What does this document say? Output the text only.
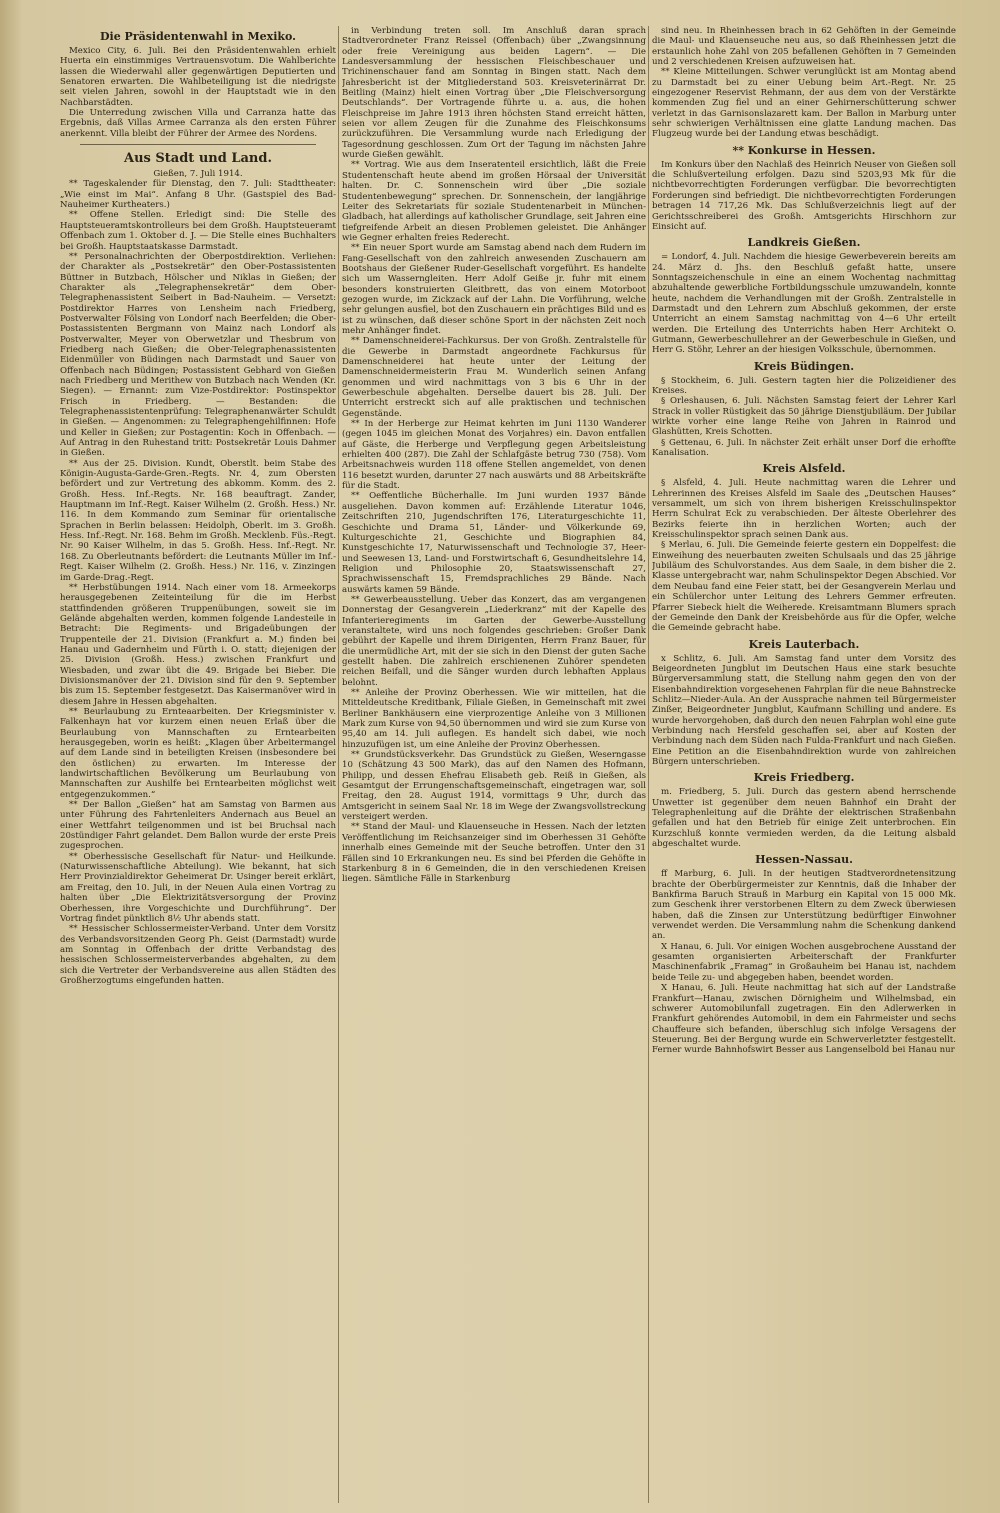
Die Präsidentenwahl in Mexiko.

Mexico City, 6. Juli. Bei den Präsidentenwahlen erhielt Huerta ein einstimmiges Vertrauensvotum. Die Wahlberichte lassen die Wiederwahl aller gegenwärtigen Deputierten und Senatoren erwarten. Die Wahlbeteiligung ist die niedrigste seit vielen Jahren, sowohl in der Hauptstadt wie in den Nachbarstädten.

Die Unterredung zwischen Villa und Carranza hatte das Ergebnis, daß Villas Armee Carranza als den ersten Führer anerkennt. Villa bleibt der Führer der Armee des Nordens.

Aus Stadt und Land.
Gießen, 7. Juli 1914.

** Tageskalender für Dienstag, den 7. Juli: Stadttheater: „Wie einst im Mai“. Anfang 8 Uhr. (Gastspiel des Bad-Nauheimer Kurtheaters.)

** Offene Stellen. Erledigt sind: Die Stelle des Hauptsteueramtskontrolleurs bei dem Großh. Hauptsteueramt Offenbach zum 1. Oktober d. J. — Die Stelle eines Buchhalters bei Großh. Hauptstaatskasse Darmstadt.

** Personalnachrichten der Oberpostdirektion. Verliehen: der Charakter als „Postsekretär“ den Ober-Postassistenten Büttner in Butzbach, Hölscher und Niklas in Gießen; der Charakter als „Telegraphensekretär“ dem Ober-Telegraphenassistent Seibert in Bad-Nauheim. — Versetzt: Postdirektor Harres von Lensheim nach Friedberg, Postverwalter Fölsing von Londorf nach Beerfelden; die Ober-Postassistenten Bergmann von Mainz nach Londorf als Postverwalter, Meyer von Oberwetzlar und Thesbrum von Friedberg nach Gießen; die Ober-Telegraphenassistenten Eidenmüller von Büdingen nach Darmstadt und Sauer von Offenbach nach Büdingen; Postassistent Gebhard von Gießen nach Friedberg und Merithew von Butzbach nach Wenden (Kr. Siegen). — Ernannt: zum Vize-Postdirektor: Postinspektor Frisch in Friedberg. — Bestanden: die Telegraphenassistentenprüfung: Telegraphenanwärter Schuldt in Gießen. — Angenommen: zu Telegraphengehilfinnen: Hofe und Keller in Gießen; zur Postagentin: Koch in Offenbach. — Auf Antrag in den Ruhestand tritt: Postsekretär Louis Dahmer in Gießen.

** Aus der 25. Division. Kundt, Oberstlt. beim Stabe des Königin-Augusta-Garde-Gren.-Regts. Nr. 4, zum Obersten befördert und zur Vertretung des abkomm. Komm. des 2. Großh. Hess. Inf.-Regts. Nr. 168 beauftragt. Zander, Hauptmann im Inf.-Regt. Kaiser Wilhelm (2. Großh. Hess.) Nr. 116. In dem Kommando zum Seminar für orientalische Sprachen in Berlin belassen: Heidolph, Oberlt. im 3. Großh. Hess. Inf.-Regt. Nr. 168. Behm im Großh. Mecklenb. Füs.-Regt. Nr. 90 Kaiser Wilhelm, in das 5. Großh. Hess. Inf.-Regt. Nr. 168. Zu Oberleutnants befördert: die Leutnants Müller im Inf.-Regt. Kaiser Wilhelm (2. Großh. Hess.) Nr. 116, v. Zinzingen im Garde-Drag.-Regt.

** Herbstübungen 1914. Nach einer vom 18. Armeekorps herausgegebenen Zeiteinteilung für die im Herbst stattfindenden größeren Truppenübungen, soweit sie im Gelände abgehalten werden, kommen folgende Landesteile in Betracht: Die Regiments- und Brigadeübungen der Truppenteile der 21. Division (Frankfurt a. M.) finden bei Hanau und Gadernheim und Fürth i. O. statt; diejenigen der 25. Division (Großh. Hess.) zwischen Frankfurt und Wiesbaden, und zwar übt die 49. Brigade bei Bieber. Die Divisionsmanöver der 21. Division sind für den 9. September bis zum 15. September festgesetzt. Das Kaisermanöver wird in diesem Jahre in Hessen abgehalten.

** Beurlaubung zu Ernteaarbeiten. Der Kriegsminister v. Falkenhayn hat vor kurzem einen neuen Erlaß über die Beurlaubung von Mannschaften zu Erntearbeiten herausgegeben, worin es heißt: „Klagen über Arbeitermangel auf dem Lande sind in beteiligten Kreisen (insbesondere bei den östlichen) zu erwarten. Im Interesse der landwirtschaftlichen Bevölkerung um Beurlaubung von Mannschaften zur Aushilfe bei Erntearbeiten möglichst weit entgegenzukommen.“

** Der Ballon „Gießen“ hat am Samstag von Barmen aus unter Führung des Fahrtenleiters Andernach aus Beuel an einer Wettfahrt teilgenommen und ist bei Bruchsal nach 20stündiger Fahrt gelandet. Dem Ballon wurde der erste Preis zugesprochen.

** Oberhessische Gesellschaft für Natur- und Heilkunde. (Naturwissenschaftliche Abteilung). Wie bekannt, hat sich Herr Provinzialdirektor Geheimerat Dr. Usinger bereit erklärt, am Freitag, den 10. Juli, in der Neuen Aula einen Vortrag zu halten über „Die Elektrizitätsversorgung der Provinz Oberhessen, ihre Vorgeschichte und Durchführung“. Der Vortrag findet pünktlich 8½ Uhr abends statt.

** Hessischer Schlossermeister-Verband. Unter dem Vorsitz des Verbandsvorsitzenden Georg Ph. Geist (Darmstadt) wurde am Sonntag in Offenbach der dritte Verbandstag des hessischen Schlossermeisterverbandes abgehalten, zu dem sich die Vertreter der Verbandsvereine aus allen Städten des Großherzogtums eingefunden hatten.

in Verbindung treten soll. Im Anschluß daran sprach Stadtverordneter Franz Reissel (Offenbach) über „Zwangsinnung oder freie Vereinigung aus beiden Lagern“. — Die Landesversammlung der hessischen Fleischbeschauer und Trichinenschauer fand am Sonntag in Bingen statt. Nach dem Jahresbericht ist der Mitgliederstand 503. Kreisveterinärrat Dr. Beitling (Mainz) hielt einen Vortrag über „Die Fleischversorgung Deutschlands“. Der Vortragende führte u. a. aus, die hohen Fleischpreise im Jahre 1913 ihren höchsten Stand erreicht hätten, seien vor allem Zeugen für die Zunahme des Fleischkonsums zurückzuführen. Die Versammlung wurde nach Erledigung der Tagesordnung geschlossen. Zum Ort der Tagung im nächsten Jahre wurde Gießen gewählt.

** Vortrag. Wie aus dem Inseratenteil ersichtlich, läßt die Freie Studentenschaft heute abend im großen Hörsaal der Universität halten. Dr. C. Sonnenschein wird über „Die soziale Studentenbewegung“ sprechen. Dr. Sonnenschein, der langjährige Leiter des Sekretariats für soziale Studentenarbeit in München-Gladbach, hat allerdings auf katholischer Grundlage, seit Jahren eine tiefgreifende Arbeit an diesen Problemen geleistet. Die Anhänger wie Gegner erhalten freies Rederecht.

** Ein neuer Sport wurde am Samstag abend nach dem Rudern im Fang-Gesellschaft von den zahlreich anwesenden Zuschauern am Bootshaus der Gießener Ruder-Gesellschaft vorgeführt. Es handelte sich um Wasserngleiten. Herr Adolf Geiße jr. fuhr mit einem besonders konstruierten Gleitbrett, das von einem Motorboot gezogen wurde, im Zickzack auf der Lahn. Die Vorführung, welche sehr gelungen ausfiel, bot den Zuschauern ein prächtiges Bild und es ist zu wünschen, daß dieser schöne Sport in der nächsten Zeit noch mehr Anhänger findet.

** Damenschneiderei-Fachkursus. Der von Großh. Zentralstelle für die Gewerbe in Darmstadt angeordnete Fachkursus für Damenschneiderei hat heute unter der Leitung der Damenschneidermeisterin Frau M. Wunderlich seinen Anfang genommen und wird nachmittags von 3 bis 6 Uhr in der Gewerbeschule abgehalten. Derselbe dauert bis 28. Juli. Der Unterricht erstreckt sich auf alle praktischen und technischen Gegenstände.

** In der Herberge zur Heimat kehrten im Juni 1130 Wanderer (gegen 1045 im gleichen Monat des Vorjahres) ein. Davon entfallen auf Gäste, die Herberge und Verpflegung gegen Arbeitsleistung erhielten 400 (287). Die Zahl der Schlafgäste betrug 730 (758). Vom Arbeitsnachweis wurden 118 offene Stellen angemeldet, von denen 116 besetzt wurden, darunter 27 nach auswärts und 88 Arbeitskräfte für die Stadt.

** Oeffentliche Bücherhalle. Im Juni wurden 1937 Bände ausgeliehen. Davon kommen auf: Erzählende Literatur 1046, Zeitschriften 210, Jugendschriften 176, Literaturgeschichte 11, Geschichte und Drama 51, Länder- und Völkerkunde 69, Kulturgeschichte 21, Geschichte und Biographien 84, Kunstgeschichte 17, Naturwissenschaft und Technologie 37, Heer- und Seewesen 13, Land- und Forstwirtschaft 6, Gesundheitslehre 14, Religion und Philosophie 20, Staatswissenschaft 27, Sprachwissenschaft 15, Fremdsprachliches 29 Bände. Nach auswärts kamen 59 Bände.

** Gewerbeausstellung. Ueber das Konzert, das am vergangenen Donnerstag der Gesangverein „Liederkranz“ mit der Kapelle des Infanterieregiments im Garten der Gewerbe-Ausstellung veranstaltete, wird uns noch folgendes geschrieben: Großer Dank gebührt der Kapelle und ihrem Dirigenten, Herrn Franz Bauer, für die unermüdliche Art, mit der sie sich in den Dienst der guten Sache gestellt haben. Die zahlreich erschienenen Zuhörer spendeten reichen Beifall, und die Sänger wurden durch lebhaften Applaus belohnt.

** Anleihe der Provinz Oberhessen. Wie wir mitteilen, hat die Mitteldeutsche Kreditbank, Filiale Gießen, in Gemeinschaft mit zwei Berliner Bankhäusern eine vierprozentige Anleihe von 3 Millionen Mark zum Kurse von 94,50 übernommen und wird sie zum Kurse von 95,40 am 14. Juli auflegen. Es handelt sich dabei, wie noch hinzuzufügen ist, um eine Anleihe der Provinz Oberhessen.

** Grundstücksverkehr. Das Grundstück zu Gießen, Weserngasse 10 (Schätzung 43 500 Mark), das auf den Namen des Hofmann, Philipp, und dessen Ehefrau Elisabeth geb. Reiß in Gießen, als Gesamtgut der Errungenschaftsgemeinschaft, eingetragen war, soll Freitag, den 28. August 1914, vormittags 9 Uhr, durch das Amtsgericht in seinem Saal Nr. 18 im Wege der Zwangsvollstreckung versteigert werden.

** Stand der Maul- und Klauenseuche in Hessen. Nach der letzten Veröffentlichung im Reichsanzeiger sind im Oberhessen 31 Gehöfte innerhalb eines Gemeinde mit der Seuche betroffen. Unter den 31 Fällen sind 10 Erkrankungen neu. Es sind bei Pferden die Gehöfte in Starkenburg 8 in 6 Gemeinden, die in den verschiedenen Kreisen liegen. Sämtliche Fälle in Starkenburg

sind neu. In Rheinhessen brach in 62 Gehöften in der Gemeinde die Maul- und Klauenseuche neu aus, so daß Rheinhessen jetzt die erstaunlich hohe Zahl von 205 befallenen Gehöften in 7 Gemeinden und 2 verschiedenen Kreisen aufzuweisen hat.

** Kleine Mitteilungen. Schwer verunglückt ist am Montag abend zu Darmstadt bei zu einer Uebung beim Art.-Regt. Nr. 25 eingezogener Reservist Rehmann, der aus dem von der Verstärkte kommenden Zug fiel und an einer Gehirnerschütterung schwer verletzt in das Garnisonslazarett kam. Der Ballon in Marburg unter sehr schwierigen Verhältnissen eine glatte Landung machen. Das Flugzeug wurde bei der Landung etwas beschädigt.

** Konkurse in Hessen.

Im Konkurs über den Nachlaß des Heinrich Neuser von Gießen soll die Schlußverteilung erfolgen. Dazu sind 5203,93 Mk für die nichtbevorrechtigten Forderungen verfügbar. Die bevorrechtigten Forderungen sind befriedigt. Die nichtbevorrechtigten Forderungen betragen 14 717,26 Mk. Das Schlußverzeichnis liegt auf der Gerichtsschreiberei des Großh. Amtsgerichts Hirschhorn zur Einsicht auf.

Landkreis Gießen.

= Londorf, 4. Juli. Nachdem die hiesige Gewerbeverein bereits am 24. März d. Jhs. den Beschluß gefaßt hatte, unsere Sonntagszeichenschule in eine an einem Wochentag nachmittag abzuhaltende gewerbliche Fortbildungsschule umzuwandeln, konnte heute, nachdem die Verhandlungen mit der Großh. Zentralstelle in Darmstadt und den Lehrern zum Abschluß gekommen, der erste Unterricht an einem Samstag nachmittag von 4—6 Uhr erteilt werden. Die Erteilung des Unterrichts haben Herr Architekt O. Gutmann, Gewerbeschullehrer an der Gewerbeschule in Gießen, und Herr G. Stöhr, Lehrer an der hiesigen Volksschule, übernommen.

Kreis Büdingen.

§ Stockheim, 6. Juli. Gestern tagten hier die Polizeidiener des Kreises.

§ Orleshausen, 6. Juli. Nächsten Samstag feiert der Lehrer Karl Strack in voller Rüstigkeit das 50 jährige Dienstjubiläum. Der Jubilar wirkte vorher eine lange Reihe von Jahren in Rainrod und Glashütten, Kreis Schotten.

§ Gettenau, 6. Juli. In nächster Zeit erhält unser Dorf die erhoffte Kanalisation.

Kreis Alsfeld.

§ Alsfeld, 4. Juli. Heute nachmittag waren die Lehrer und Lehrerinnen des Kreises Alsfeld im Saale des „Deutschen Hauses“ versammelt, um sich von ihrem bisherigen Kreisschulinspektor Herrn Schulrat Eck zu verabschieden. Der älteste Oberlehrer des Bezirks feierte ihn in herzlichen Worten; auch der Kreisschulinspektor sprach seinen Dank aus.

§ Merlau, 6. Juli. Die Gemeinde feierte gestern ein Doppelfest: die Einweihung des neuerbauten zweiten Schulsaals und das 25 jährige Jubiläum des Schulvorstandes. Aus dem Saale, in dem bisher die 2. Klasse untergebracht war, nahm Schulinspektor Degen Abschied. Vor dem Neubau fand eine Feier statt, bei der Gesangverein Merlau und ein Schülerchor unter Leitung des Lehrers Gemmer erfreuten. Pfarrer Siebeck hielt die Weiherede. Kreisamtmann Blumers sprach der Gemeinde den Dank der Kreisbehörde aus für die Opfer, welche die Gemeinde gebracht habe.

Kreis Lauterbach.

x Schlitz, 6. Juli. Am Samstag fand unter dem Vorsitz des Beigeordneten Jungblut im Deutschen Haus eine stark besuchte Bürgerversammlung statt, die Stellung nahm gegen den von der Eisenbahndirektion vorgesehenen Fahrplan für die neue Bahnstrecke Schlitz—Nieder-Aula. An der Aussprache nahmen teil Bürgermeister Zinßer, Beigeordneter Jungblut, Kaufmann Schilling und andere. Es wurde hervorgehoben, daß durch den neuen Fahrplan wohl eine gute Verbindung nach Hersfeld geschaffen sei, aber auf Kosten der Verbindung nach dem Süden nach Fulda-Frankfurt und nach Gießen. Eine Petition an die Eisenbahndirektion wurde von zahlreichen Bürgern unterschrieben.

Kreis Friedberg.

m. Friedberg, 5. Juli. Durch das gestern abend herrschende Unwetter ist gegenüber dem neuen Bahnhof ein Draht der Telegraphenleitung auf die Drähte der elektrischen Straßenbahn gefallen und hat den Betrieb für einige Zeit unterbrochen. Ein Kurzschluß konnte vermieden werden, da die Leitung alsbald abgeschaltet wurde.

Hessen-Nassau.

ff Marburg, 6. Juli. In der heutigen Stadtverordnetensitzung brachte der Oberbürgermeister zur Kenntnis, daß die Inhaber der Bankfirma Baruch Strauß in Marburg ein Kapital von 15 000 Mk. zum Geschenk ihrer verstorbenen Eltern zu dem Zweck überwiesen haben, daß die Zinsen zur Unterstützung bedürftiger Einwohner verwendet werden. Die Versammlung nahm die Schenkung dankend an.

X Hanau, 6. Juli. Vor einigen Wochen ausgebrochene Ausstand der gesamten organisierten Arbeiterschaft der Frankfurter Maschinenfabrik „Framag“ in Großauheim bei Hanau ist, nachdem beide Teile zu- und abgegeben haben, beendet worden.

X Hanau, 6. Juli. Heute nachmittag hat sich auf der Landstraße Frankfurt—Hanau, zwischen Dörnigheim und Wilhelmsbad, ein schwerer Automobilunfall zugetragen. Ein den Adlerwerken in Frankfurt gehörendes Automobil, in dem ein Fahrmeister und sechs Chauffeure sich befanden, überschlug sich infolge Versagens der Steuerung. Bei der Bergung wurde ein Schwerverletzter festgestellt. Ferner wurde Bahnhofswirt Besser aus Langenselbold bei Hanau nur
